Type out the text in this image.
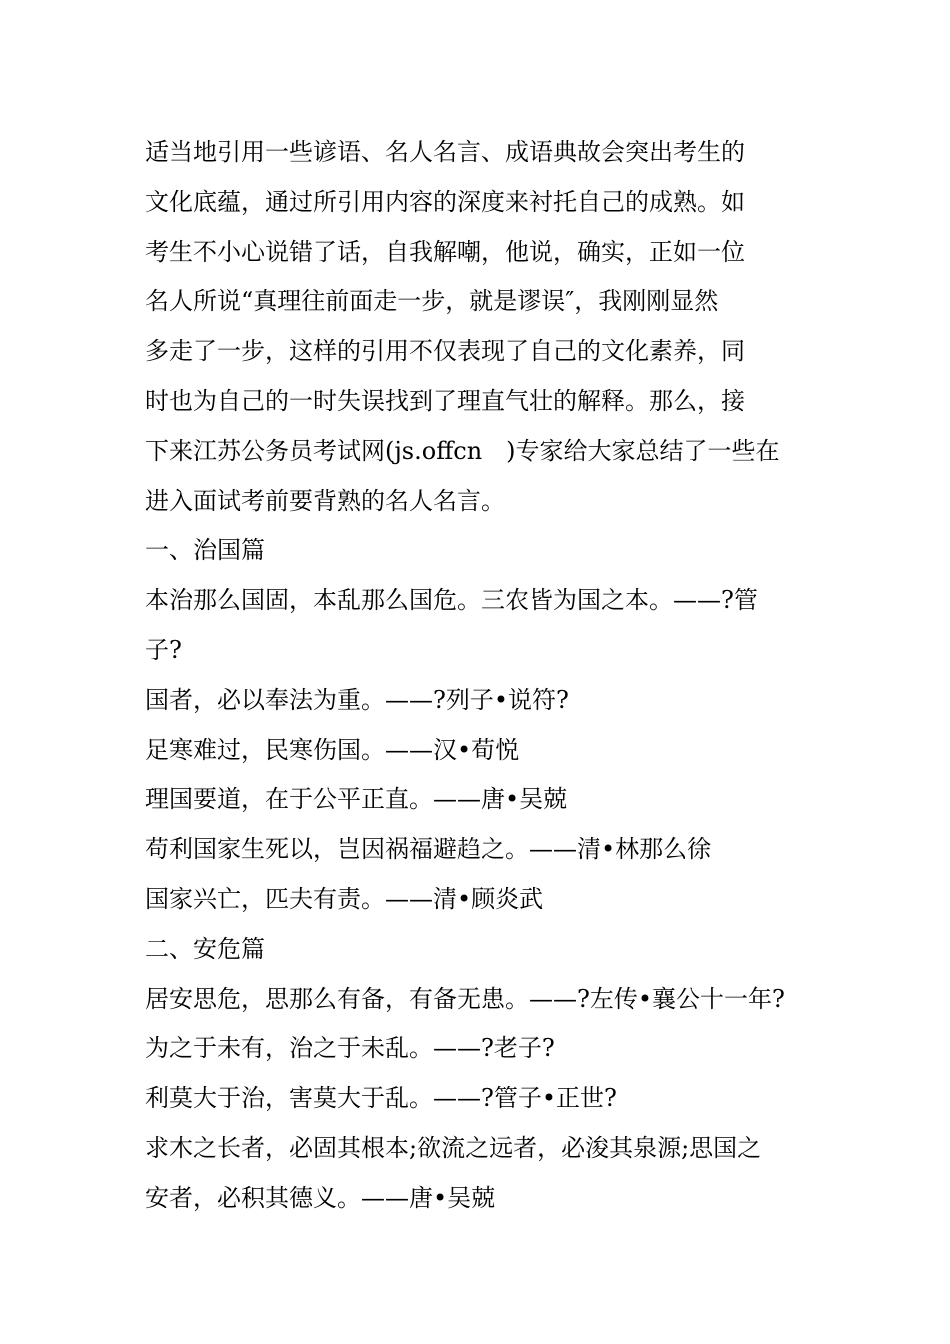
适当地引用一些谚语、名人名言、成语典故会突出考生的
文化底蕴，通过所引用内容的深度来衬托自己的成熟。如
考生不小心说错了话，自我解嘲，他说，确实，正如一位
名人所说“真理往前面走一步，就是谬误″，我刚刚显然
多走了一步，这样的引用不仅表现了自己的文化素养，同
时也为自己的一时失误找到了理直气壮的解释。那么，接
下来江苏公务员考试网(js.offcn　)专家给大家总结了一些在
进入面试考前要背熟的名人名言。
一、治国篇
本治那么国固，本乱那么国危。三农皆为国之本。——?管
子?
国者，必以奉法为重。——?列子•说符?
足寒难过，民寒伤国。——汉•荀悦
理国要道，在于公平正直。——唐•吴兢
苟利国家生死以，岂因祸福避趋之。——清•林那么徐
国家兴亡，匹夫有责。——清•顾炎武
二、安危篇
居安思危，思那么有备，有备无患。——?左传•襄公十一年?
为之于未有，治之于未乱。——?老子?
利莫大于治，害莫大于乱。——?管子•正世?
求木之长者，必固其根本;欲流之远者，必浚其泉源;思国之
安者，必积其德义。——唐•吴兢
